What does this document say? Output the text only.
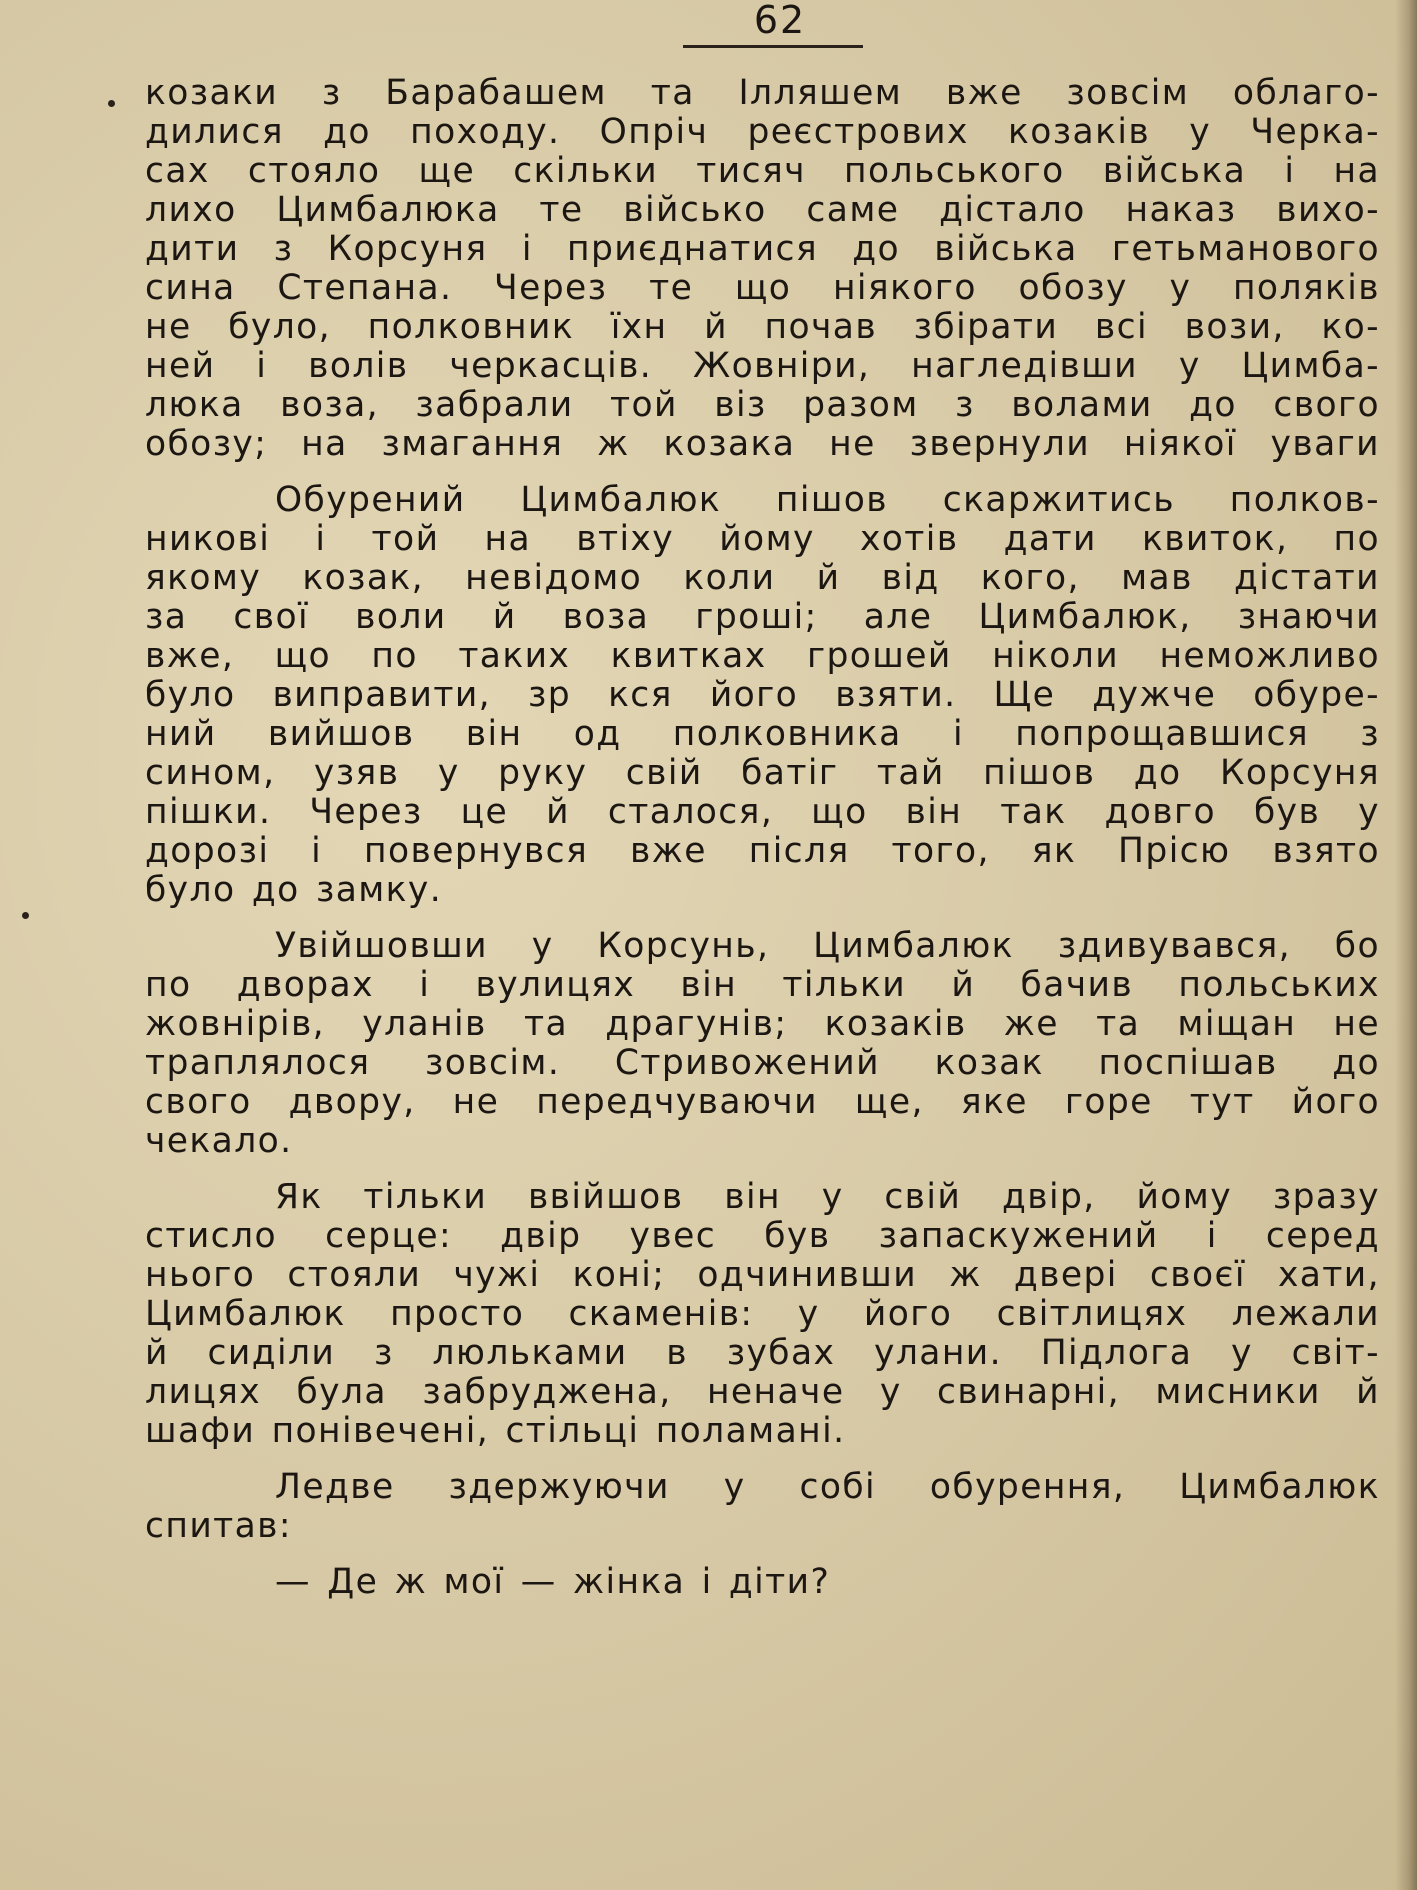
62
козаки з Барабашем та Ілляшем вже зовсім облаго-
дилися до походу. Опріч реєстрових козаків у Черка-
сах стояло ще скільки тисяч польського війська і на
лихо Цимбалюка те військо саме дістало наказ вихо-
дити з Корсуня і приєднатися до війська гетьманового
сина Степана. Через те що ніякого обозу у поляків
не було, полковник їхн й почав збірати всі вози, ко-
ней і волів черкасців. Жовніри, нагледівши у Цимба-
люка воза, забрали той віз разом з волами до свого
обозу; на змагання ж козака не звернули ніякої уваги
Обурений Цимбалюк пішов скаржитись полков-
никові і той на втіху йому хотів дати квиток, по
якому козак, невідомо коли й від кого, мав дістати
за свої воли й воза гроші; але Цимбалюк, знаючи
вже, що по таких квитках грошей ніколи неможливо
було виправити, зр кся його взяти. Ще дужче обуре-
ний вийшов він од полковника і попрощавшися з
сином, узяв у руку свій батіг тай пішов до Корсуня
пішки. Через це й сталося, що він так довго був у
дорозі і повернувся вже після того, як Прісю взято
було до замку.
Увійшовши у Корсунь, Цимбалюк здивувався, бо
по дворах і вулицях він тільки й бачив польських
жовнірів, уланів та драгунів; козаків же та міщан не
траплялося зовсім. Стривожений козак поспішав до
свого двору, не передчуваючи ще, яке горе тут його
чекало.
Як тільки ввійшов він у свій двір, йому зразу
стисло серце: двір увес був запаскужений і серед
нього стояли чужі коні; одчинивши ж двері своєї хати,
Цимбалюк просто скаменів: у його світлицях лежали
й сиділи з люльками в зубах улани. Підлога у світ-
лицях була забруджена, неначе у свинарні, мисники й
шафи понівечені, стільці поламані.
Ледве здержуючи у собі обурення, Цимбалюк
спитав:
— Де ж мої — жінка і діти?
